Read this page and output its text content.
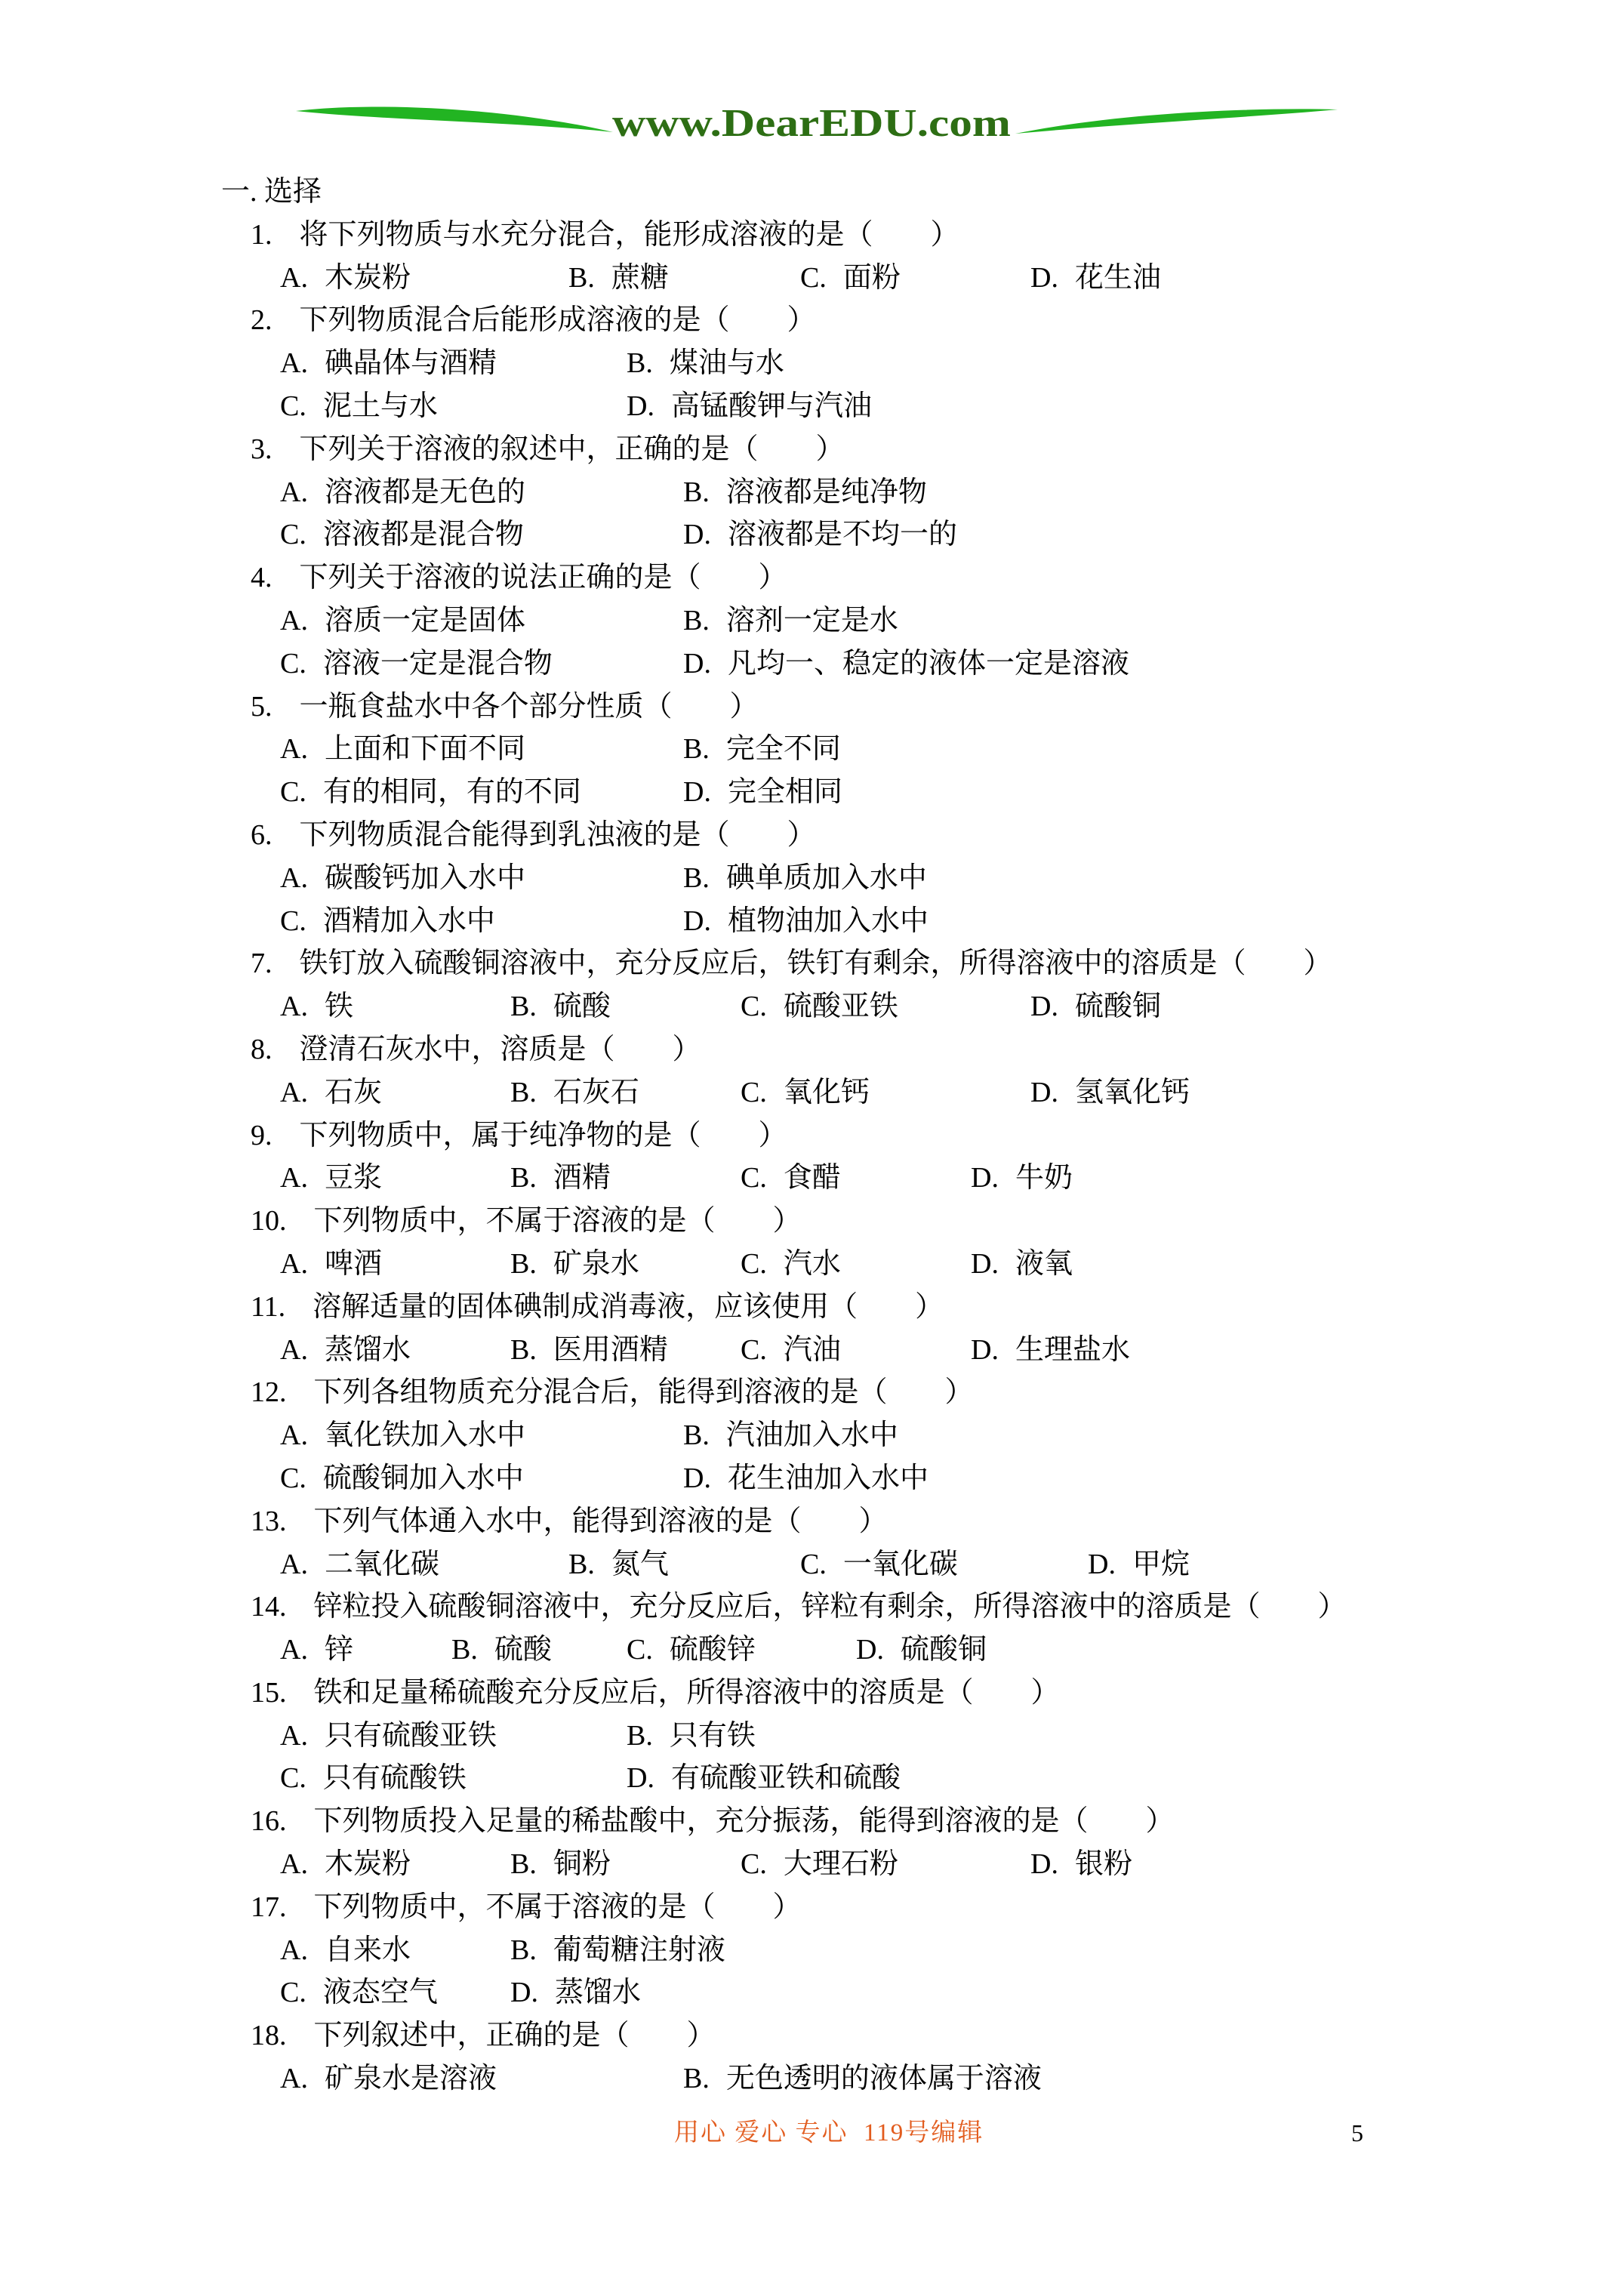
www.DearEDU.com
一. 选择
1. 将下列物质与水充分混合，能形成溶液的是（　　）
A. 木炭粉	B. 蔗糖	C. 面粉	D. 花生油
2. 下列物质混合后能形成溶液的是（　　）
A. 碘晶体与酒精	B. 煤油与水
C. 泥土与水	D. 高锰酸钾与汽油
3. 下列关于溶液的叙述中，正确的是（　　）
A. 溶液都是无色的	B. 溶液都是纯净物
C. 溶液都是混合物	D. 溶液都是不均一的
4. 下列关于溶液的说法正确的是（　　）
A. 溶质一定是固体	B. 溶剂一定是水
C. 溶液一定是混合物	D. 凡均一、稳定的液体一定是溶液
5. 一瓶食盐水中各个部分性质（　　）
A. 上面和下面不同	B. 完全不同
C. 有的相同，有的不同	D. 完全相同
6. 下列物质混合能得到乳浊液的是（　　）
A. 碳酸钙加入水中	B. 碘单质加入水中
C. 酒精加入水中	D. 植物油加入水中
7. 铁钉放入硫酸铜溶液中，充分反应后，铁钉有剩余，所得溶液中的溶质是（　　）
A. 铁	B. 硫酸	C. 硫酸亚铁	D. 硫酸铜
8. 澄清石灰水中，溶质是（　　）
A. 石灰	B. 石灰石	C. 氧化钙	D. 氢氧化钙
9. 下列物质中，属于纯净物的是（　　）
A. 豆浆	B. 酒精	C. 食醋	D. 牛奶
10. 下列物质中，不属于溶液的是（　　）
A. 啤酒	B. 矿泉水	C. 汽水	D. 液氧
11. 溶解适量的固体碘制成消毒液，应该使用（　　）
A. 蒸馏水	B. 医用酒精	C. 汽油	D. 生理盐水
12. 下列各组物质充分混合后，能得到溶液的是（　　）
A. 氧化铁加入水中	B. 汽油加入水中
C. 硫酸铜加入水中	D. 花生油加入水中
13. 下列气体通入水中，能得到溶液的是（　　）
A. 二氧化碳	B. 氮气	C. 一氧化碳	D. 甲烷
14. 锌粒投入硫酸铜溶液中，充分反应后，锌粒有剩余，所得溶液中的溶质是（　　）
A. 锌	B. 硫酸	C. 硫酸锌	D. 硫酸铜
15. 铁和足量稀硫酸充分反应后，所得溶液中的溶质是（　　）
A. 只有硫酸亚铁	B. 只有铁
C. 只有硫酸铁	D. 有硫酸亚铁和硫酸
16. 下列物质投入足量的稀盐酸中，充分振荡，能得到溶液的是（　　）
A. 木炭粉	B. 铜粉	C. 大理石粉	D. 银粉
17. 下列物质中，不属于溶液的是（　　）
A. 自来水	B. 葡萄糖注射液
C. 液态空气	D. 蒸馏水
18. 下列叙述中，正确的是（　　）
A. 矿泉水是溶液	B. 无色透明的液体属于溶液
用心 爱心 专心  119号编辑	5
